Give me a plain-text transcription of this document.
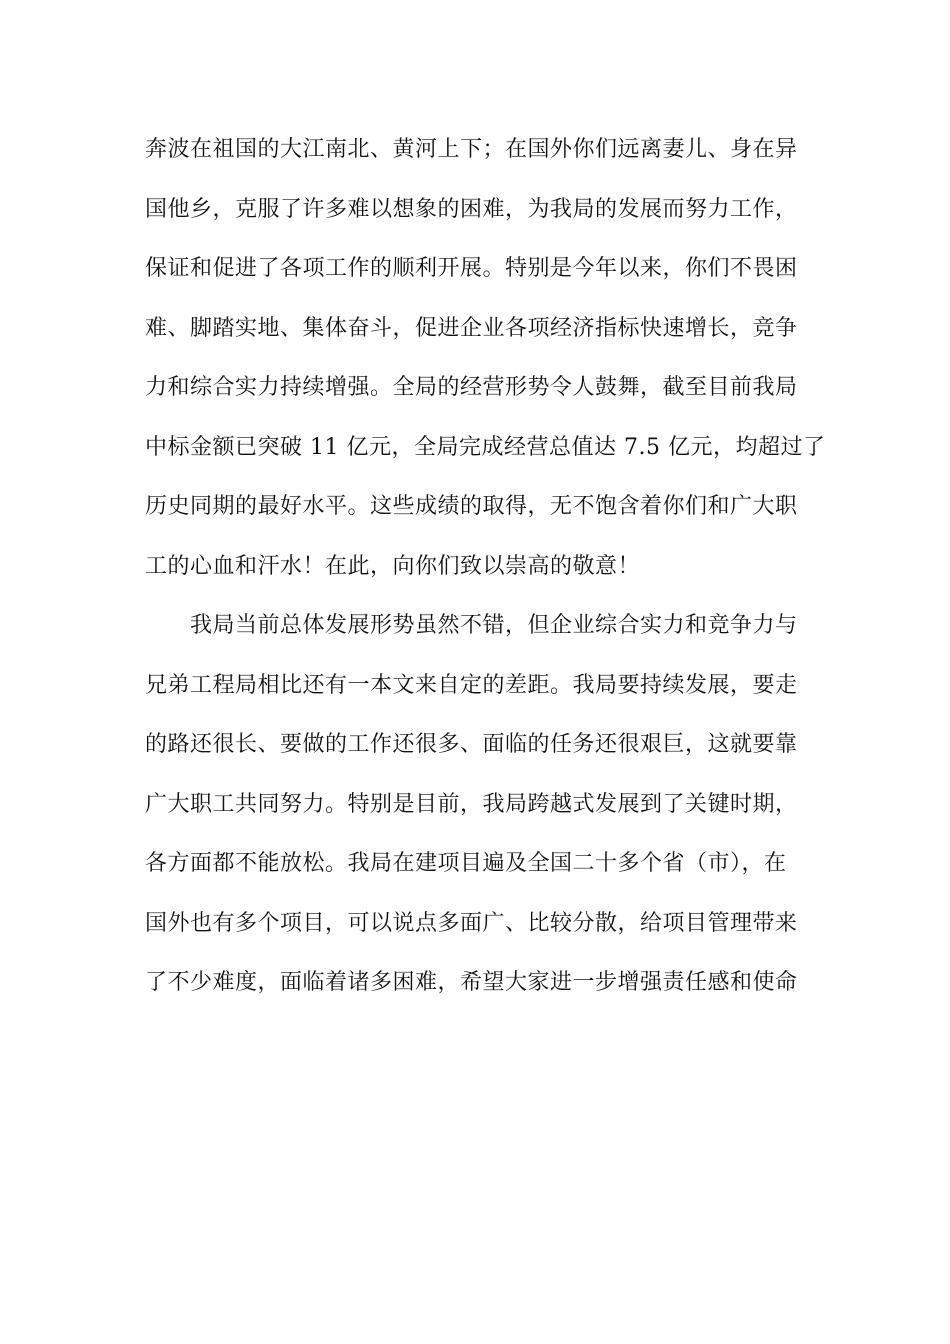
奔波在祖国的大江南北、黄河上下；在国外你们远离妻儿、身在异
国他乡，克服了许多难以想象的困难，为我局的发展而努力工作，
保证和促进了各项工作的顺利开展。特别是今年以来，你们不畏困
难、脚踏实地、集体奋斗，促进企业各项经济指标快速增长，竞争
力和综合实力持续增强。全局的经营形势令人鼓舞，截至目前我局
中标金额已突破 11 亿元，全局完成经营总值达 7.5 亿元，均超过了
历史同期的最好水平。这些成绩的取得，无不饱含着你们和广大职
工的心血和汗水！在此，向你们致以崇高的敬意！
　　我局当前总体发展形势虽然不错，但企业综合实力和竞争力与
兄弟工程局相比还有一本文来自定的差距。我局要持续发展，要走
的路还很长、要做的工作还很多、面临的任务还很艰巨，这就要靠
广大职工共同努力。特别是目前，我局跨越式发展到了关键时期，
各方面都不能放松。我局在建项目遍及全国二十多个省（市），在
国外也有多个项目，可以说点多面广、比较分散，给项目管理带来
了不少难度，面临着诸多困难，希望大家进一步增强责任感和使命
